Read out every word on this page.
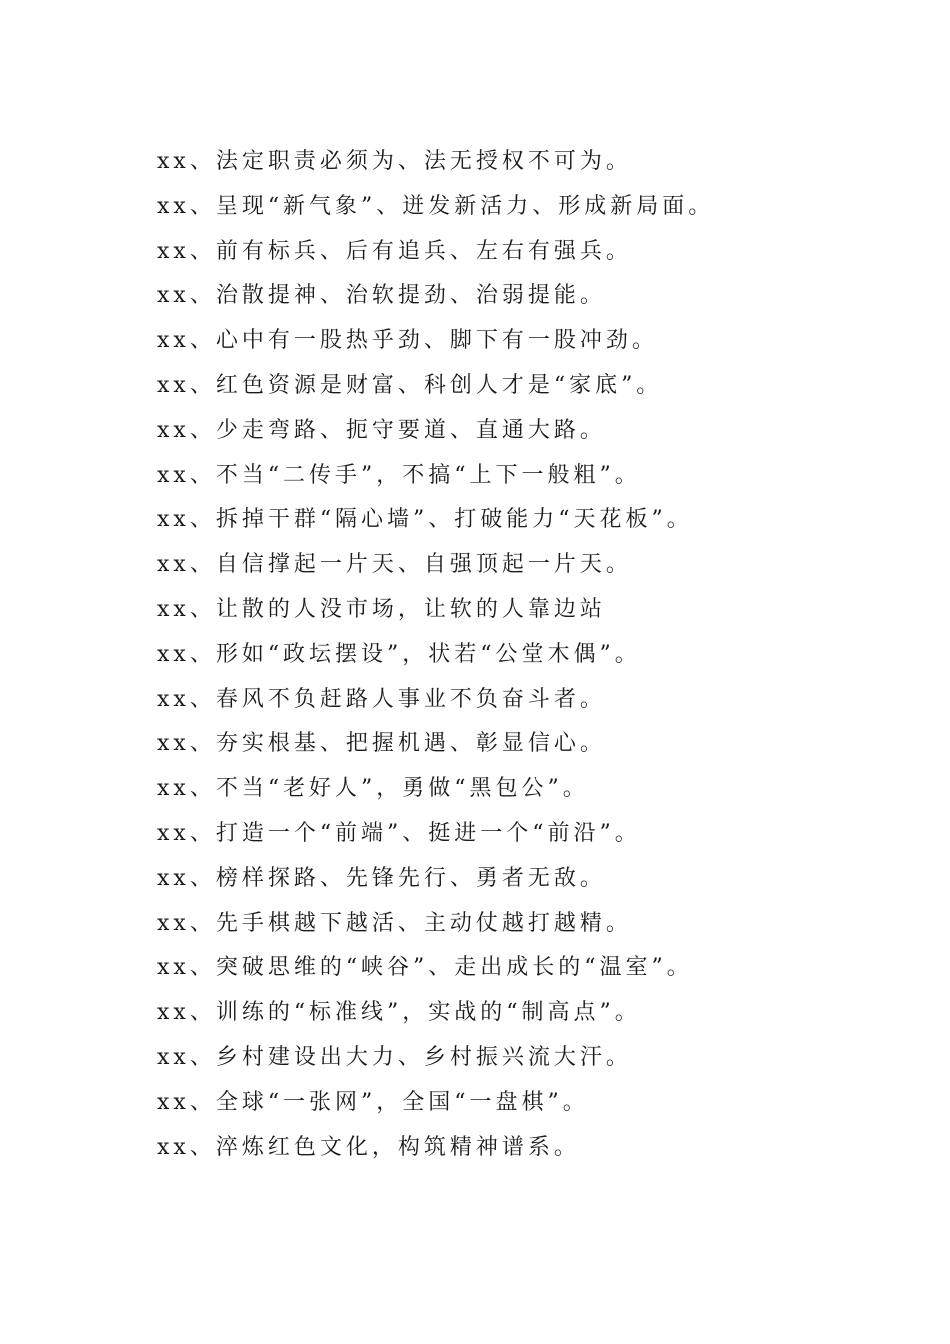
xx、法定职责必须为、法无授权不可为。
xx、呈现“新气象”、迸发新活力、形成新局面。
xx、前有标兵、后有追兵、左右有强兵。
xx、治散提神、治软提劲、治弱提能。
xx、心中有一股热乎劲、脚下有一股冲劲。
xx、红色资源是财富、科创人才是“家底”。
xx、少走弯路、扼守要道、直通大路。
xx、不当“二传手”，不搞“上下一般粗”。
xx、拆掉干群“隔心墙”、打破能力“天花板”。
xx、自信撑起一片天、自强顶起一片天。
xx、让散的人没市场，让软的人靠边站
xx、形如“政坛摆设”，状若“公堂木偶”。
xx、春风不负赶路人事业不负奋斗者。
xx、夯实根基、把握机遇、彰显信心。
xx、不当“老好人”，勇做“黑包公”。
xx、打造一个“前端”、挺进一个“前沿”。
xx、榜样探路、先锋先行、勇者无敌。
xx、先手棋越下越活、主动仗越打越精。
xx、突破思维的“峡谷”、走出成长的“温室”。
xx、训练的“标准线”，实战的“制高点”。
xx、乡村建设出大力、乡村振兴流大汗。
xx、全球“一张网”，全国“一盘棋”。
xx、淬炼红色文化，构筑精神谱系。
